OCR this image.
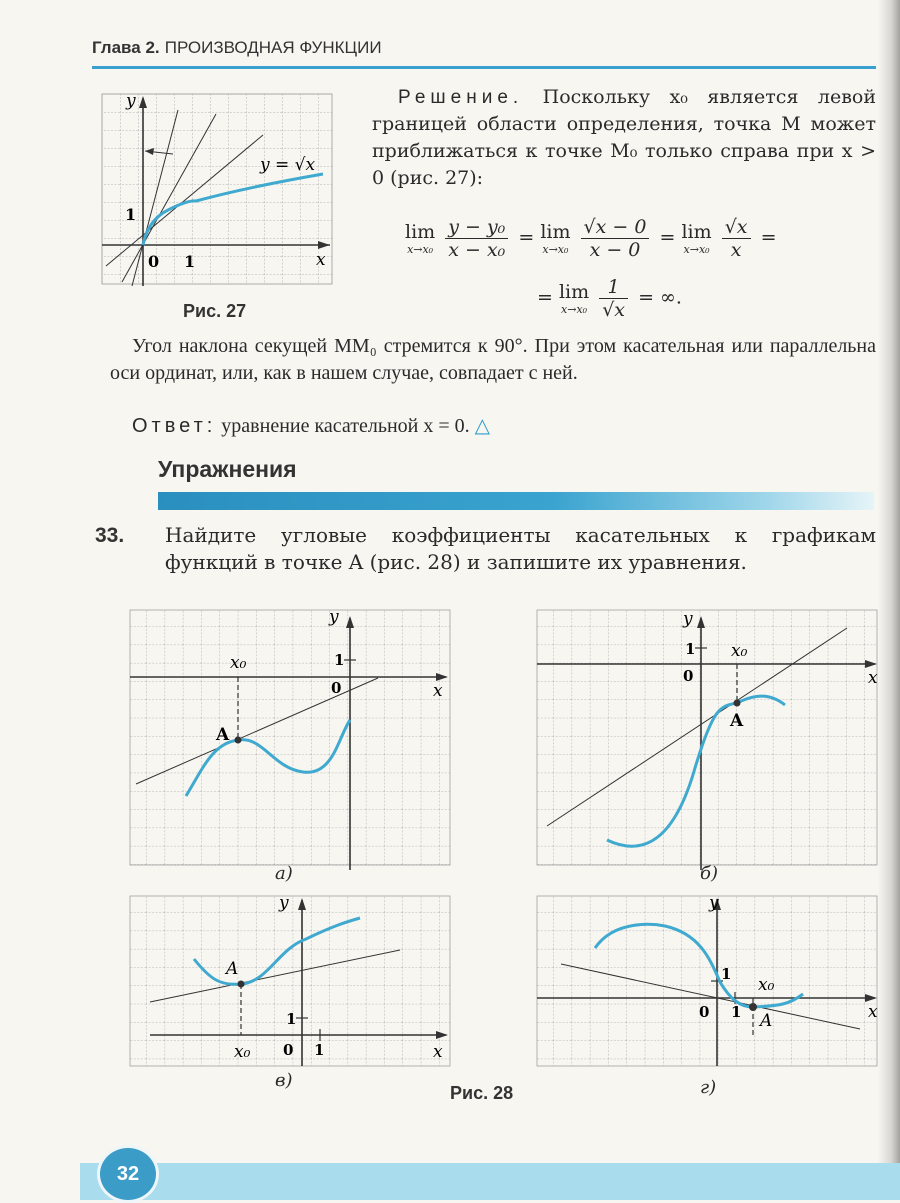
Глава 2. ПРОИЗВОДНАЯ ФУНКЦИИ
y
x
0 1
1
y = √x
Рис. 27
Решение. Поскольку x₀ является левой границей области определения, точка M может приближаться к точке M₀ только справа при x > 0 (рис. 27):
lim
x→x₀
$\frac{\text{y − y₀}}{\text{x − x₀}} = \lim$
x→x₀
$\frac{√x - 0}{x - 0} = \lim$
x→x₀
$\frac{√x}{x}$ =
= lim
x→x₀
$\frac{1}{√x}$ = ∞.
Угол наклона секущей MM₀ стремится к 90°. При этом касательная или параллельна оси ординат, или, как в нашем случае, совпадает с ней.
Ответ: уравнение касательной x = 0. △
Упражнения
33. Найдите угловые коэффициенты касательных к графикам функций в точке A (рис. 28) и запишите их уравнения.
y
x
0
1
x₀
A
а)
y
x
0
1 x₀
A
б)
y
x
0
1
1
x₀
A
в)
y
x
0
1
1
x₀
A
г)
Рис. 28
32
